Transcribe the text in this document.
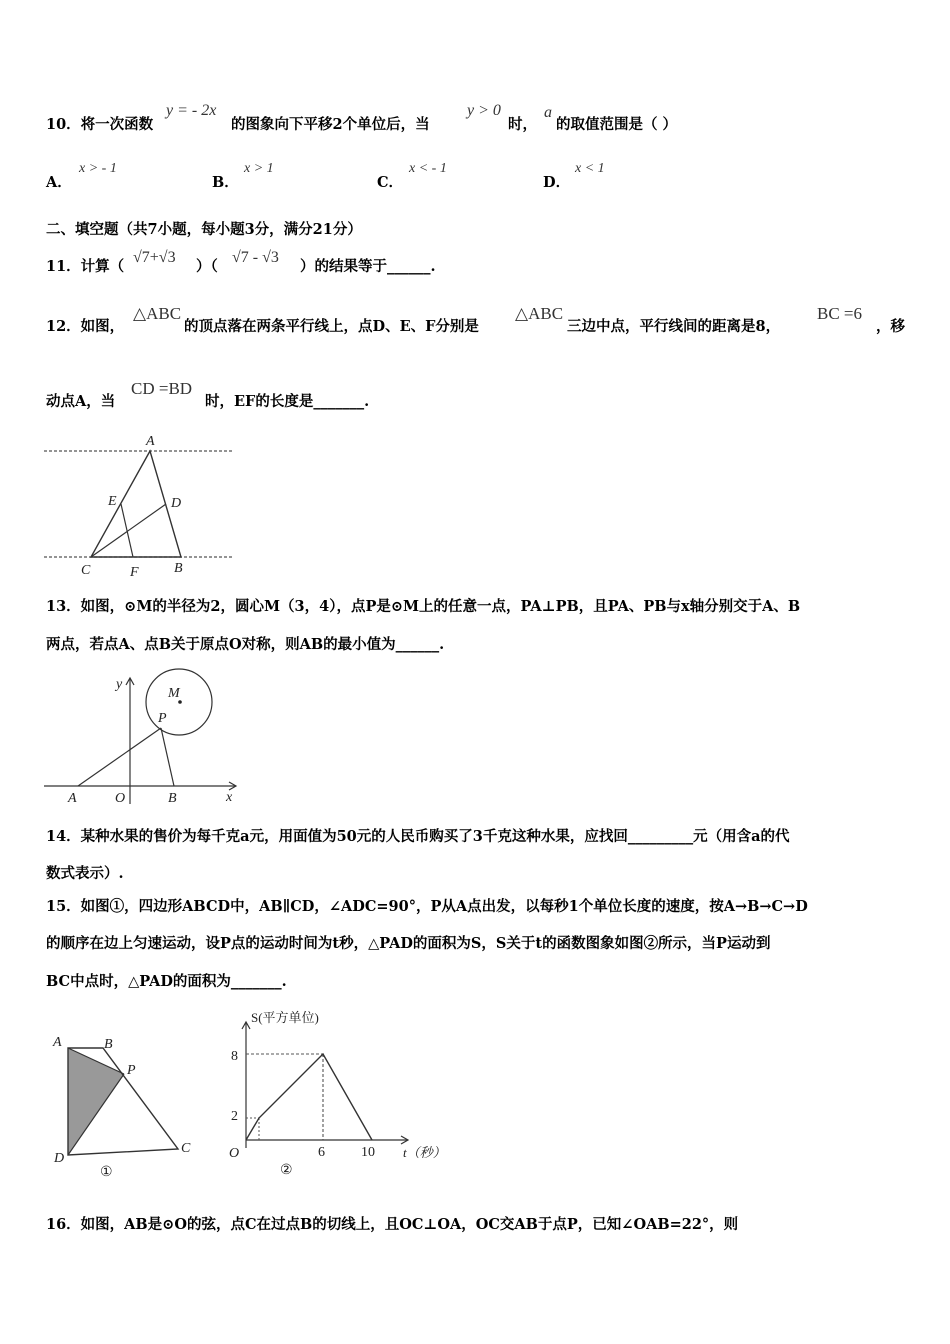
10．将一次函数
y = - 2x
的图象向下平移2个单位后，当
y > 0
时，
a
的取值范围是（ ）
A．
x > - 1
B．
x > 1
C．
x < - 1
D．
x < 1
二、填空题（共7小题，每小题3分，满分21分）
11．计算（
√7+√3
）（
√7 - √3
）的结果等于______.
12．如图，
△ABC
的顶点落在两条平行线上，点D、E、F分别是
△ABC
三边中点，平行线间的距离是8，
BC =6
，移
动点A，当
CD =BD
时，EF的长度是_______.
A
E	D
C	F	B
13．如图，⊙M的半径为2，圆心M（3，4），点P是⊙M上的任意一点，PA⊥PB，且PA、PB与x轴分别交于A、B
两点，若点A、点B关于原点O对称，则AB的最小值为______.
y
M
P
A	O	B	x
14．某种水果的售价为每千克a元，用面值为50元的人民币购买了3千克这种水果，应找回_________元（用含a的代
数式表示）.
15．如图①，四边形ABCD中，AB∥CD，∠ADC=90°，P从A点出发，以每秒1个单位长度的速度，按A→B→C→D
的顺序在边上匀速运动，设P点的运动时间为t秒，△PAD的面积为S，S关于t的函数图象如图②所示，当P运动到
BC中点时，△PAD的面积为_______.
A	B
P
C
D
①
S(平方单位)
8
2
O	6	10 t（秒）
②
16．如图，AB是⊙O的弦，点C在过点B的切线上，且OC⊥OA，OC交AB于点P，已知∠OAB=22°，则
